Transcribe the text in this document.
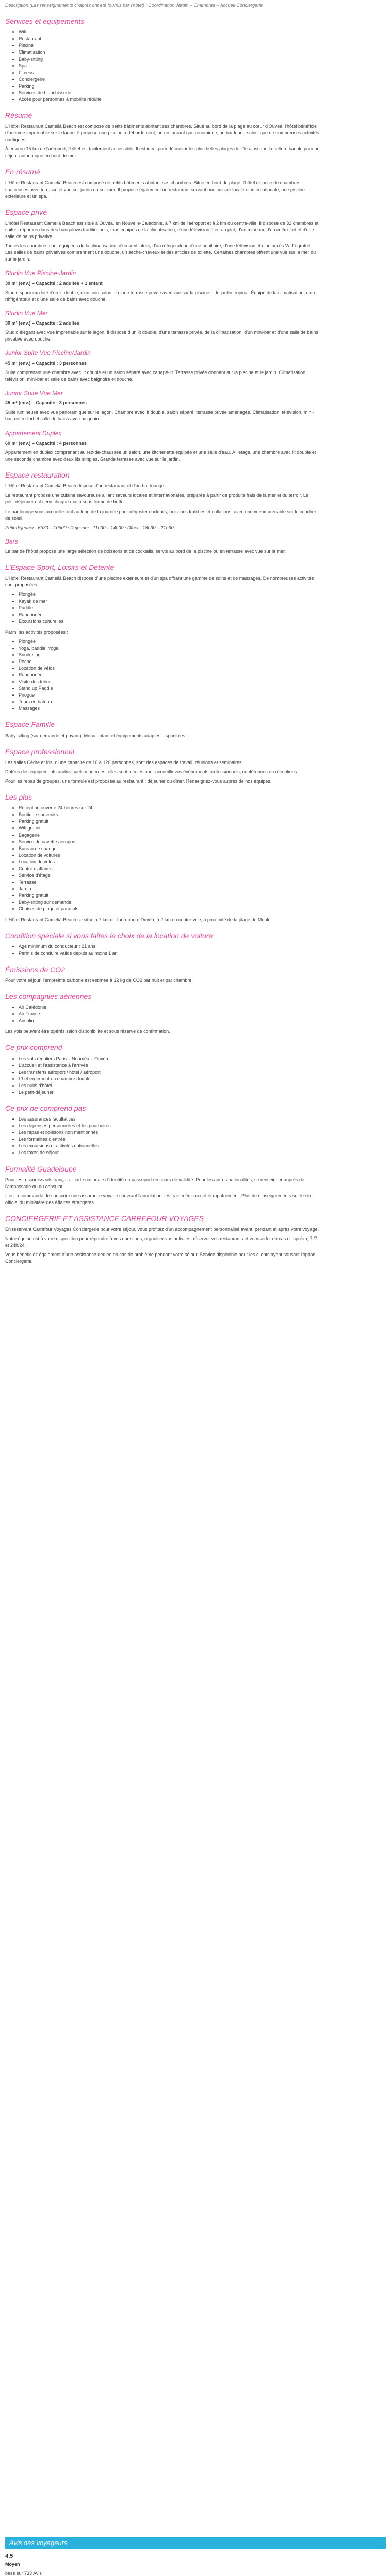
Description (Les renseignements ci-après ont été fournis par l'hôtel) : Coordination Jardin – Chambres – Accueil Conciergerie

Services et équipements
• Wifi
• Restaurant
• Piscine
• Climatisation
• Baby-sitting
• Spa
• Fitness
• Conciergerie
• Parking
• Services de blanchisserie
• Accès pour personnes à mobilité réduite
Résumé

L'Hôtel Restaurant Cameliá Beach est composé de petits bâtiments abritant ses chambres. Situé au bord de la plage au cœur d'Ouvéa, l'hôtel bénéficie d'une vue imprenable sur le lagon. Il propose une piscine à débordement, un restaurant gastronomique, un bar lounge ainsi que de nombreuses activités nautiques.

À environ 15 km de l'aéroport, l'hôtel est facilement accessible. Il est idéal pour découvrir les plus belles plages de l'île ainsi que la culture kanak, pour un séjour authentique en bord de mer.

En résumé

L'Hôtel Restaurant Cameliá Beach est composé de petits bâtiments abritant ses chambres. Situé en bord de plage, l'hôtel dispose de chambres spacieuses avec terrasse et vue sur jardin ou sur mer. Il propose également un restaurant servant une cuisine locale et internationale, une piscine extérieure et un spa.

Espace privé

L'hôtel Restaurant Cameliá Beach est situé à Ouvéa, en Nouvelle-Calédonie, à 7 km de l'aéroport et à 2 km du centre-ville. Il dispose de 32 chambres et suites, réparties dans des bungalows traditionnels, tous équipés de la climatisation, d'une télévision à écran plat, d'un mini-bar, d'un coffre-fort et d'une salle de bains privative.

Toutes les chambres sont équipées de la climatisation, d'un ventilateur, d'un réfrigérateur, d'une bouilloire, d'une télévision et d'un accès Wi-Fi gratuit. Les salles de bains privatives comprennent une douche, un sèche-cheveux et des articles de toilette. Certaines chambres offrent une vue sur la mer ou sur le jardin.

Studio Vue Piscine-Jardin

30 m² (env.) – Capacité : 2 adultes + 1 enfant

Studio spacieux doté d'un lit double, d'un coin salon et d'une terrasse privée avec vue sur la piscine et le jardin tropical. Équipé de la climatisation, d'un réfrigérateur et d'une salle de bains avec douche.

Studio Vue Mer

30 m² (env.) – Capacité : 2 adultes

Studio élégant avec vue imprenable sur le lagon. Il dispose d'un lit double, d'une terrasse privée, de la climatisation, d'un mini-bar et d'une salle de bains privative avec douche.

Junior Suite Vue Piscine/Jardin

45 m² (env.) – Capacité : 3 personnes

Suite comprenant une chambre avec lit double et un salon séparé avec canapé-lit. Terrasse privée donnant sur la piscine et le jardin. Climatisation, télévision, mini-bar et salle de bains avec baignoire et douche.

Junior Suite Vue Mer

45 m² (env.) – Capacité : 3 personnes

Suite lumineuse avec vue panoramique sur le lagon. Chambre avec lit double, salon séparé, terrasse privée aménagée. Climatisation, télévision, mini-bar, coffre-fort et salle de bains avec baignoire.

Appartement Duplex

60 m² (env.) – Capacité : 4 personnes

Appartement en duplex comprenant au rez-de-chaussée un salon, une kitchenette équipée et une salle d'eau. À l'étage, une chambre avec lit double et une seconde chambre avec deux lits simples. Grande terrasse avec vue sur le jardin.

Espace restauration

L'Hôtel Restaurant Cameliá Beach dispose d'un restaurant et d'un bar lounge.

Le restaurant propose une cuisine savoureuse alliant saveurs locales et internationales, préparée à partir de produits frais de la mer et du terroir. Le petit-déjeuner est servi chaque matin sous forme de buffet.

Le bar lounge vous accueille tout au long de la journée pour déguster cocktails, boissons fraîches et collations, avec une vue imprenable sur le coucher de soleil.

Petit-déjeuner : 6h30 – 10h00 / Déjeuner : 11h30 – 14h00 / Dîner : 18h30 – 21h30

Bars

Le bar de l'hôtel propose une large sélection de boissons et de cocktails, servis au bord de la piscine ou en terrasse avec vue sur la mer.

L'Espace Sport, Loisirs et Détente

L'Hôtel Restaurant Cameliá Beach dispose d'une piscine extérieure et d'un spa offrant une gamme de soins et de massages. De nombreuses activités sont proposées :

• Plongée
• Kayak de mer
• Paddle
• Randonnée
• Excursions culturelles

Parmi les activités proposées :

• Plongée
• Yoga, paddle, Yoga
• Snorkeling
• Pêche
• Location de vélos
• Randonnée
• Visite des tribus
• Stand up Paddle
• Pirogue
• Tours en bateau
• Massages
Espace Famille

Baby-sitting (sur demande et payant). Menu enfant et équipements adaptés disponibles.

Espace professionnel

Les salles Cédre et Iris, d'une capacité de 10 à 120 personnes, sont des espaces de travail, réunions et séminaires.

Dotées des équipements audiovisuels modernes, elles sont idéales pour accueillir vos événements professionnels, conférences ou réceptions.

Pour les repas de groupes, une formule est proposée au restaurant : déjeuner ou dîner. Renseignez-vous auprès de nos équipes.

Les plus
• Réception ouverte 24 heures sur 24
• Boutique souvenirs
• Parking gratuit
• Wifi gratuit
• Bagagerie
• Service de navette aéroport
• Bureau de change
• Location de voitures
• Location de vélos
• Centre d'affaires
• Service d'étage
• Terrasse
• Jardin
• Parking gratuit
• Baby-sitting sur demande
• Chaises de plage et parasols

L'Hôtel Restaurant Cameliá Beach se situe à 7 km de l'aéroport d'Ouvéa, à 2 km du centre-ville, à proximité de la plage de Mouli.

Condition spéciale si vous faites le choix de la location de voiture
• Âge minimum du conducteur : 21 ans
• Permis de conduire valide depuis au moins 1 an
Émissions de CO2

Pour votre séjour, l'empreinte carbone est estimée à 12 kg de CO2 par nuit et par chambre.

Les compagnies aériennes
• Air Calédonie
• Air France
• Aircalin

Les vols peuvent être opérés selon disponibilité et sous réserve de confirmation.

Ce prix comprend
• Les vols réguliers Paris – Nouméa – Ouvéa
• L'accueil et l'assistance à l'arrivée
• Les transferts aéroport / hôtel / aéroport
• L'hébergement en chambre double
• Les nuits d'hôtel
• Le petit-déjeuner
Ce prix ne comprend pas
• Les assurances facultatives
• Les dépenses personnelles et les pourboires
• Les repas et boissons non mentionnés
• Les formalités d'entrée
• Les excursions et activités optionnelles
• Les taxes de séjour
Formalité Guadeloupe

Pour les ressortissants français : carte nationale d'identité ou passeport en cours de validité. Pour les autres nationalités, se renseigner auprès de l'ambassade ou du consulat.

Il est recommandé de souscrire une assurance voyage couvrant l'annulation, les frais médicaux et le rapatriement. Plus de renseignements sur le site officiel du ministère des Affaires étrangères.

CONCIERGERIE ET ASSISTANCE CARREFOUR VOYAGES

En réservant Carrefour Voyages Conciergerie pour votre séjour, vous profitez d'un accompagnement personnalisé avant, pendant et après votre voyage.

Notre équipe est à votre disposition pour répondre à vos questions, organiser vos activités, réserver vos restaurants et vous aider en cas d'imprévu, 7j/7 et 24h/24.

Vous bénéficiez également d'une assistance dédiée en cas de problème pendant votre séjour. Service disponible pour les clients ayant souscrit l'option Conciergerie.

Avis des voyageurs

4,5

Moyen

basé sur 733 Avis
